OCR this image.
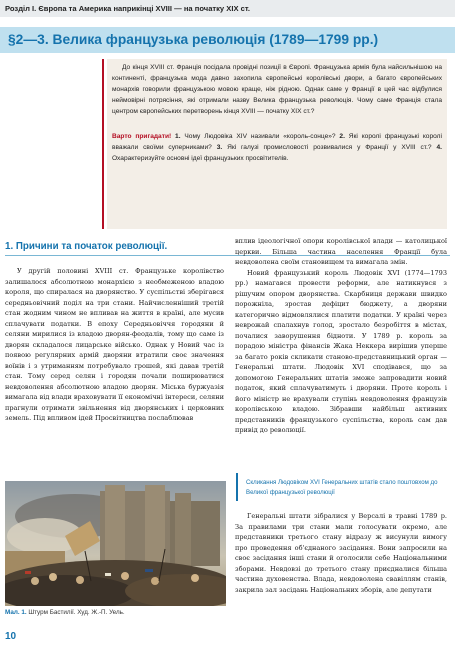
Розділ І. Європа та Америка наприкінці XVIII — на початку XIX ст.
§2—3. Велика французька революція (1789—1799 рр.)

До кінця XVIII ст. Франція посідала провідні позиції в Європі. Французька армія була найсильнішою на континенті, французька мода давно захопила європейські королівські двори, а багато європейських монархів говорили французькою мовою краще, ніж рідною. Однак саме у Франції в цей час відбулися неймовірні потрясіння, які отримали назву Велика французька революція. Чому саме Франція стала центром європейських перетворень кінця XVIII — початку XIX ст.?

Варто пригадати! 1. Чому Людовіка XIV називали «король-сонце»? 2. Які королі французькі королі вважали своїми суперниками? 3. Які галузі промисловості розвивалися у Франції у XVIII ст.? 4. Охарактеризуйте основні ідеї французьких просвітителів.

1. Причини та початок революції.

У другій половині XVIII ст. Французьке королівство залишалося абсолютною монархією з необмеженою владою короля, що спиралася на дворянство. У суспільстві зберігався середньовічний поділ на три стани. Найчисленніший третій стан жодним чином не впливав на життя в країні, але мусив сплачувати податки. В епоху Середньовіччя городяни й селяни мирилися із владою дворян-феодалів, тому що саме із дворян складалося лицарське військо. Однак у Новий час із появою регулярних армій дворяни втратили своє значення воїнів і з утриманням потребувало грошей, які давав третій стан. Тому серед селян і городян почали поширюватися невдоволення абсолютною владою дворян. Міська буржуазія вимагала від влади враховувати її економічні інтереси, селяни прагнули отримати звільнення від дворянських і церковних земель. Під впливом ідей Просвітництва послаблював

вплив ідеологічної опори королівської влади — католицької церкви. Більша частина населення Франції була невдоволена своїм становищем та вимагала змін.

Новий французький король Людовік XVI (1774—1793 рр.) намагався провести реформи, але натикнувся з рішучим опором дворянства. Скарбниця держави швидко порожніла, зростав дефіцит бюджету, а дворяни категорично відмовлялися платити податки. У країні через неврожай спалахнув голод, зростало безробіття в містах, почалися заворушення бідноти. У 1789 р. король за порадою міністра фінансів Жака Неккера вирішив уперше за багато років скликати станово-представницький орган — Генеральні штати. Людовік XVI сподівався, що за допомогою Генеральних штатів зможе запровадити новий податок, який сплачуватимуть і дворяни. Проте король і його міністр не врахували ступінь невдоволення французів королівською владою. Зібравши найбільш активних представників французького суспільства, король сам дав привід до революції.

Скликання Людовіком XVI Генеральних штатів стало поштовхом до Великої французької революції

Генеральні штати зібралися у Версалі в травні 1789 р. За правилами три стани мали голосувати окремо, але представники третього стану відразу ж висунули вимогу про проведення об'єднаного засідання. Вони запросили на своє засідання інші стани й оголосили себе Національними зборами. Невдовзі до третього стану приєдналися більша частина духовенства. Влада, невдоволена свавіллям станів, закрила зал засідань Національних зборів, але депутати

Мал. 1. Штурм Бастилії. Худ. Ж.-П. Уель.
10
